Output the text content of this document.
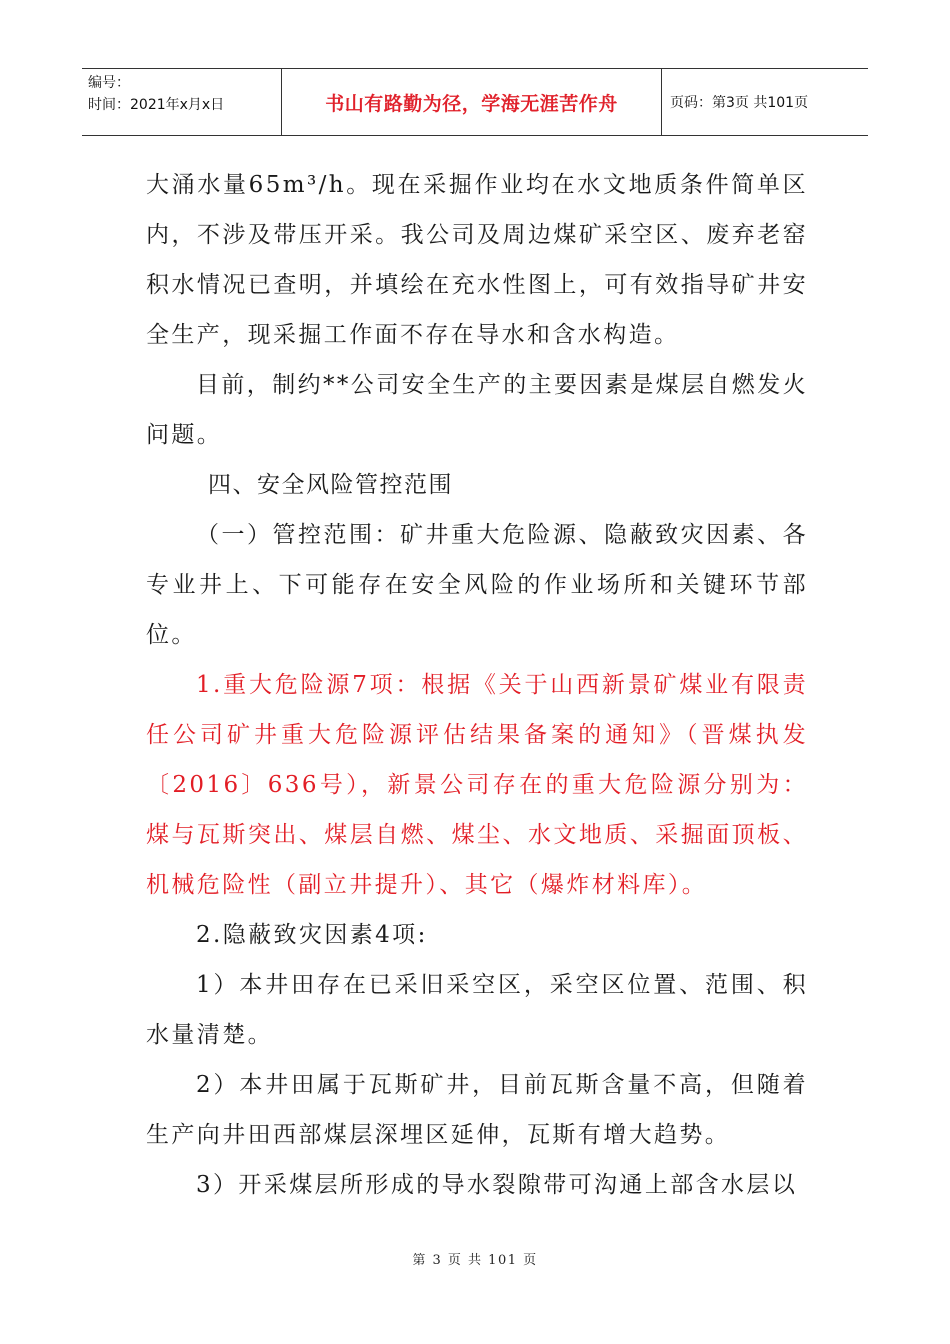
编号：
时间：2021年x月x日	书山有路勤为径，学海无涯苦作舟	页码：第3页 共101页

大涌水量65m³/h。现在采掘作业均在水文地质条件简单区内，不涉及带压开采。我公司及周边煤矿采空区、废弃老窑积水情况已查明，并填绘在充水性图上，可有效指导矿井安全生产，现采掘工作面不存在导水和含水构造。

目前，制约**公司安全生产的主要因素是煤层自燃发火问题。

四、安全风险管控范围

（一）管控范围：矿井重大危险源、隐蔽致灾因素、各专业井上、下可能存在安全风险的作业场所和关键环节部位。

1.重大危险源7项：根据《关于山西新景矿煤业有限责任公司矿井重大危险源评估结果备案的通知》（晋煤执发〔2016〕636号），新景公司存在的重大危险源分别为：煤与瓦斯突出、煤层自燃、煤尘、水文地质、采掘面顶板、机械危险性（副立井提升）、其它（爆炸材料库）。

2.隐蔽致灾因素4项:

1）本井田存在已采旧采空区，采空区位置、范围、积水量清楚。

2）本井田属于瓦斯矿井，目前瓦斯含量不高，但随着生产向井田西部煤层深埋区延伸，瓦斯有增大趋势。

3）开采煤层所形成的导水裂隙带可沟通上部含水层以

第 3 页 共 101 页
